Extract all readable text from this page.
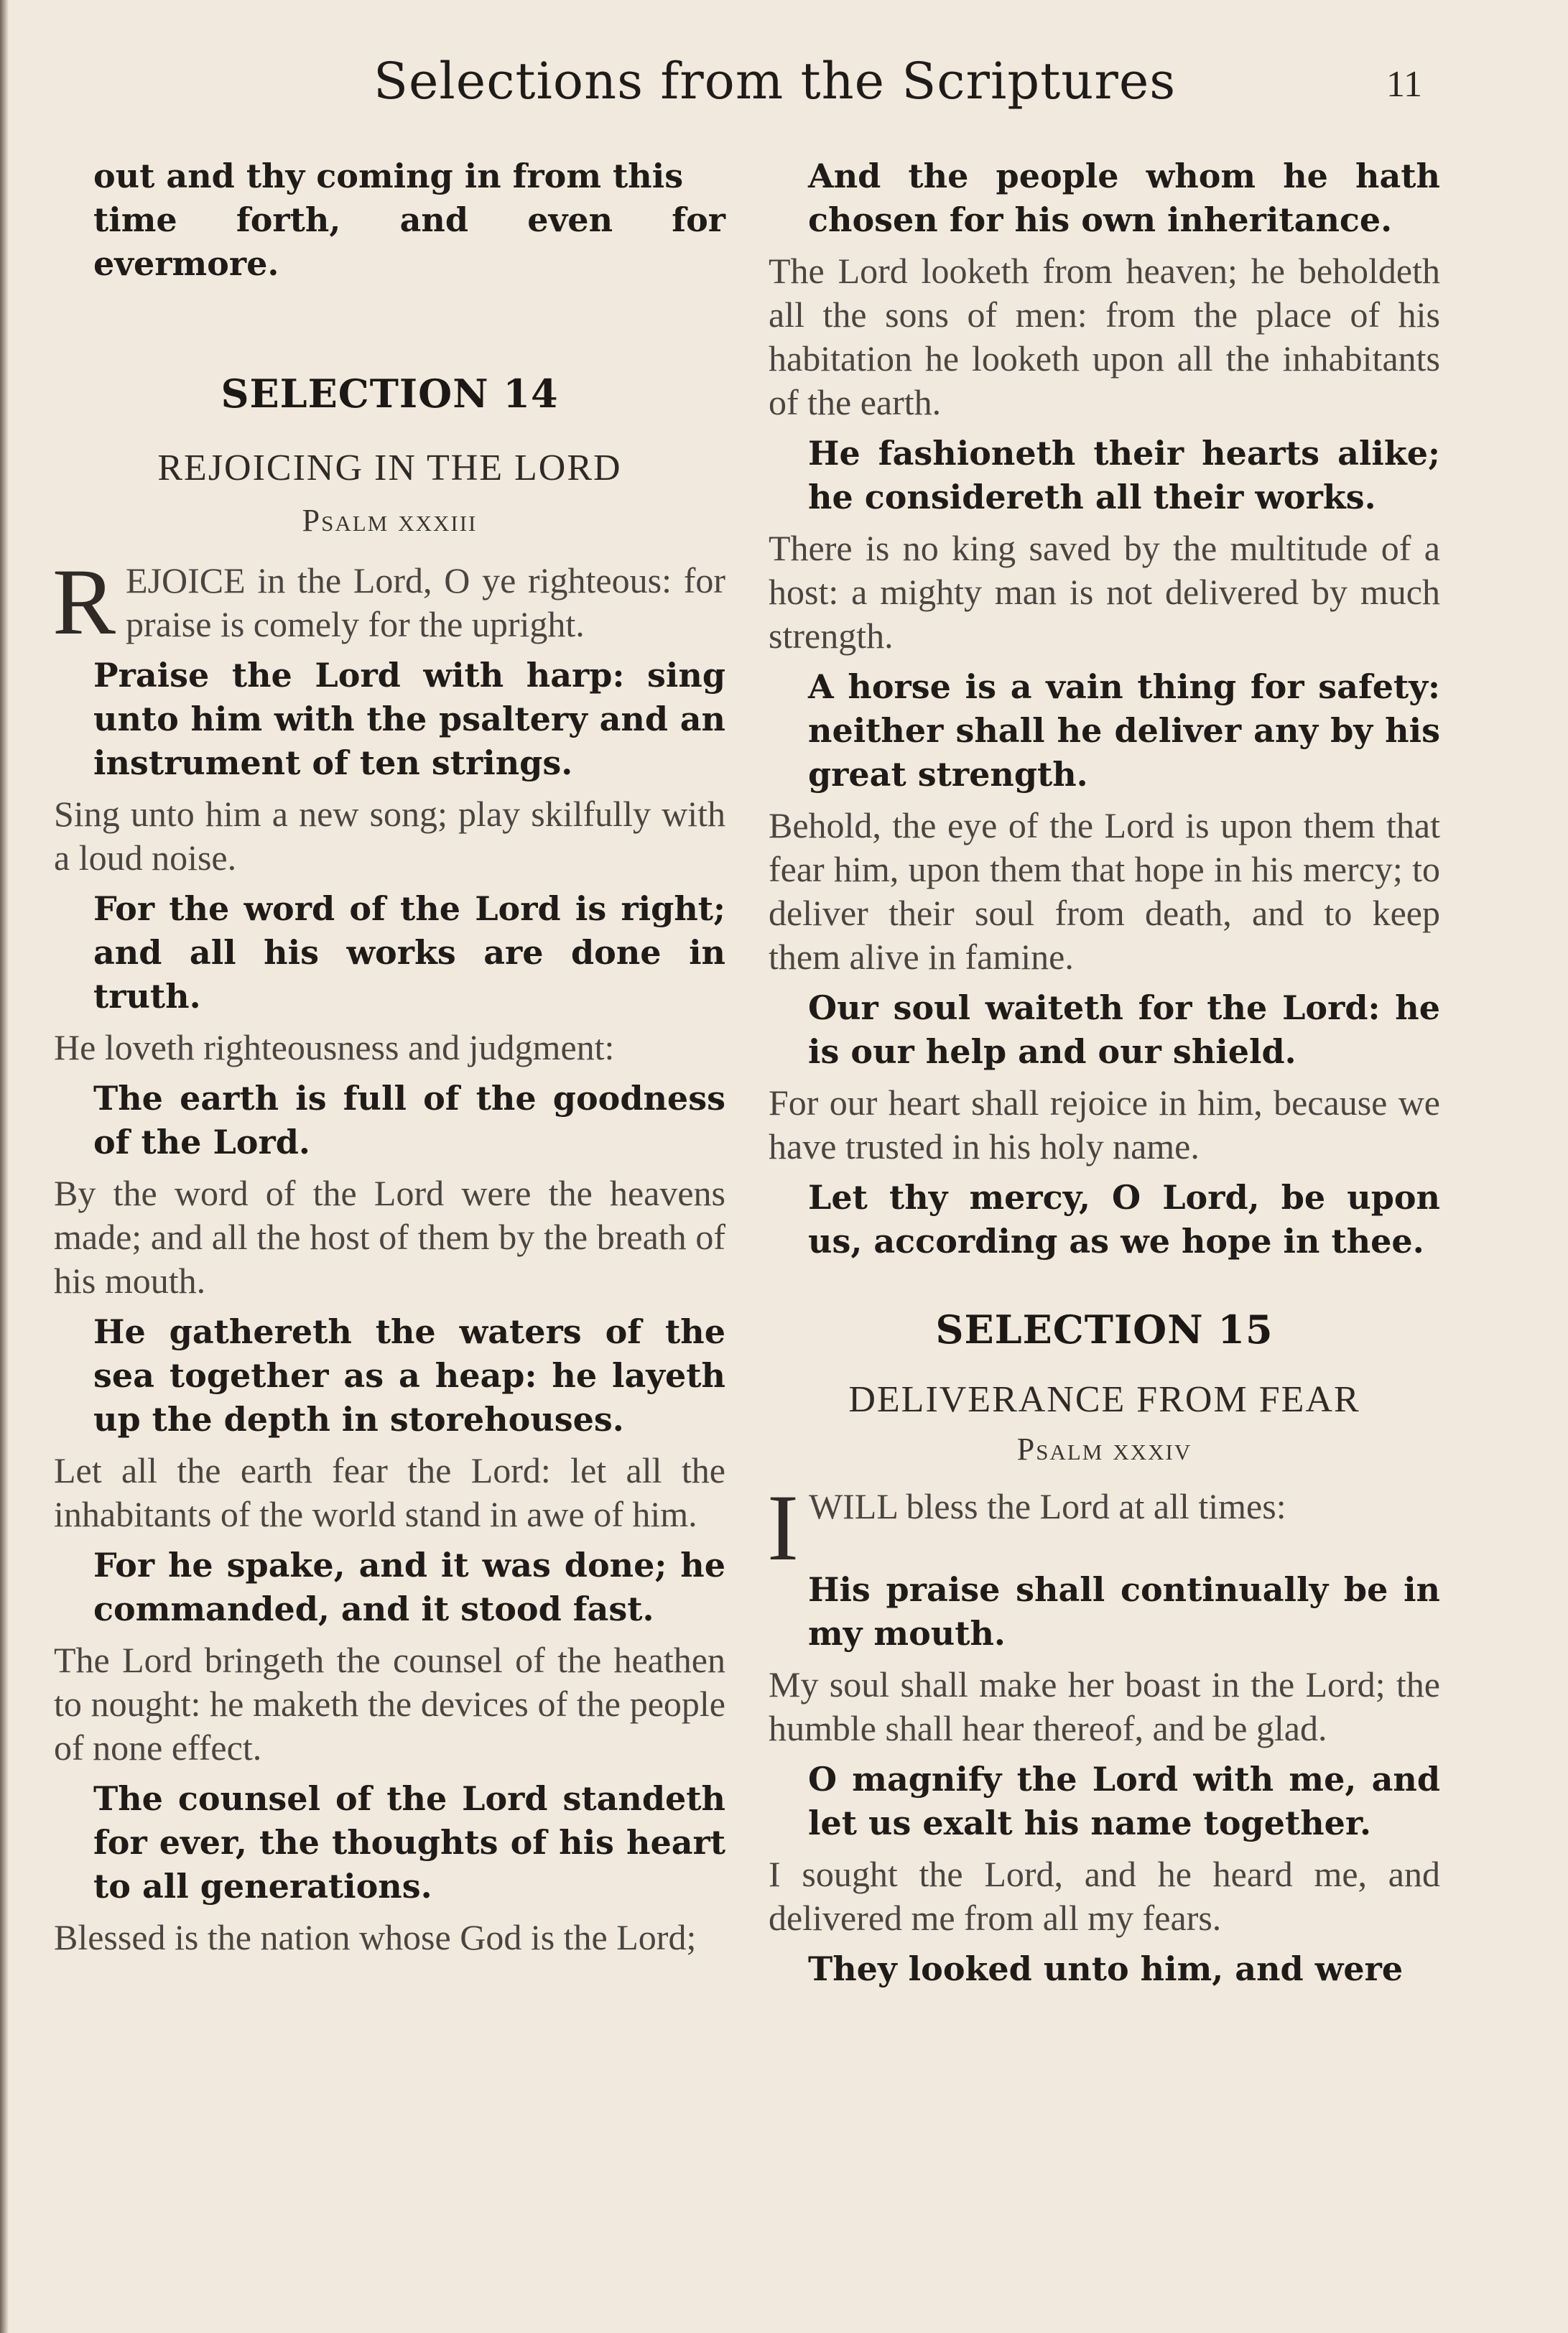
Selections from the Scriptures	11

out and thy coming in from this
time forth, and even for evermore.

SELECTION 14

REJOICING IN THE LORD

Psalm xxxiii

REJOICE in the Lord, O ye righteous: for praise is comely for the upright.

Praise the Lord with harp: sing unto him with the psaltery and an instrument of ten strings.

Sing unto him a new song; play skilfully with a loud noise.

For the word of the Lord is right; and all his works are done in truth.

He loveth righteousness and judgment:

The earth is full of the goodness of the Lord.

By the word of the Lord were the heavens made; and all the host of them by the breath of his mouth.

He gathereth the waters of the sea together as a heap: he layeth up the depth in storehouses.

Let all the earth fear the Lord: let all the inhabitants of the world stand in awe of him.

For he spake, and it was done; he commanded, and it stood fast.

The Lord bringeth the counsel of the heathen to nought: he maketh the devices of the people of none effect.

The counsel of the Lord standeth for ever, the thoughts of his heart to all generations.

Blessed is the nation whose God is the Lord;

And the people whom he hath chosen for his own inheritance.

The Lord looketh from heaven; he beholdeth all the sons of men: from the place of his habitation he looketh upon all the inhabitants of the earth.

He fashioneth their hearts alike; he considereth all their works.

There is no king saved by the multitude of a host: a mighty man is not delivered by much strength.

A horse is a vain thing for safety: neither shall he deliver any by his great strength.

Behold, the eye of the Lord is upon them that fear him, upon them that hope in his mercy; to deliver their soul from death, and to keep them alive in famine.

Our soul waiteth for the Lord: he is our help and our shield.

For our heart shall rejoice in him, because we have trusted in his holy name.

Let thy mercy, O Lord, be upon us, according as we hope in thee.

SELECTION 15

DELIVERANCE FROM FEAR

Psalm xxxiv

IWILL bless the Lord at all times:

His praise shall continually be in my mouth.

My soul shall make her boast in the Lord; the humble shall hear thereof, and be glad.

O magnify the Lord with me, and let us exalt his name together.

I sought the Lord, and he heard me, and delivered me from all my fears.

They looked unto him, and were
